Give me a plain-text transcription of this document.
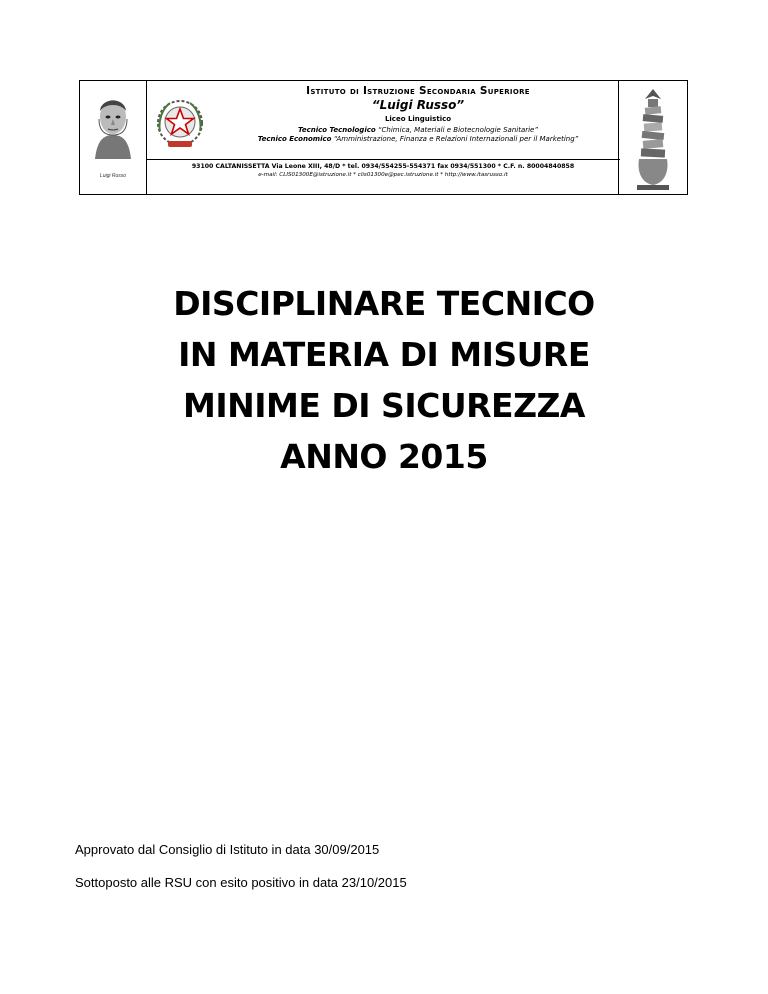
Luigi Russo
Istituto di Istruzione Secondaria Superiore
“Luigi Russo”
Liceo Linguistico
Tecnico Tecnologico “Chimica, Materiali e Biotecnologie Sanitarie”
Tecnico Economico “Amministrazione, Finanza e Relazioni Internazionali per il Marketing”
93100 CALTANISSETTA Via Leone XIII, 48/D * tel. 0934/554255-554371 fax 0934/551300 * C.F. n. 80004840858
e-mail: CLIS01300E@istruzione.it * clis01300e@pec.istruzione.it * http://www.itasrusso.it
DISCIPLINARE TECNICO
IN MATERIA DI MISURE
MINIME DI SICUREZZA
ANNO 2015
Approvato dal Consiglio di Istituto in data 30/09/2015
Sottoposto alle RSU con esito positivo in data 23/10/2015
